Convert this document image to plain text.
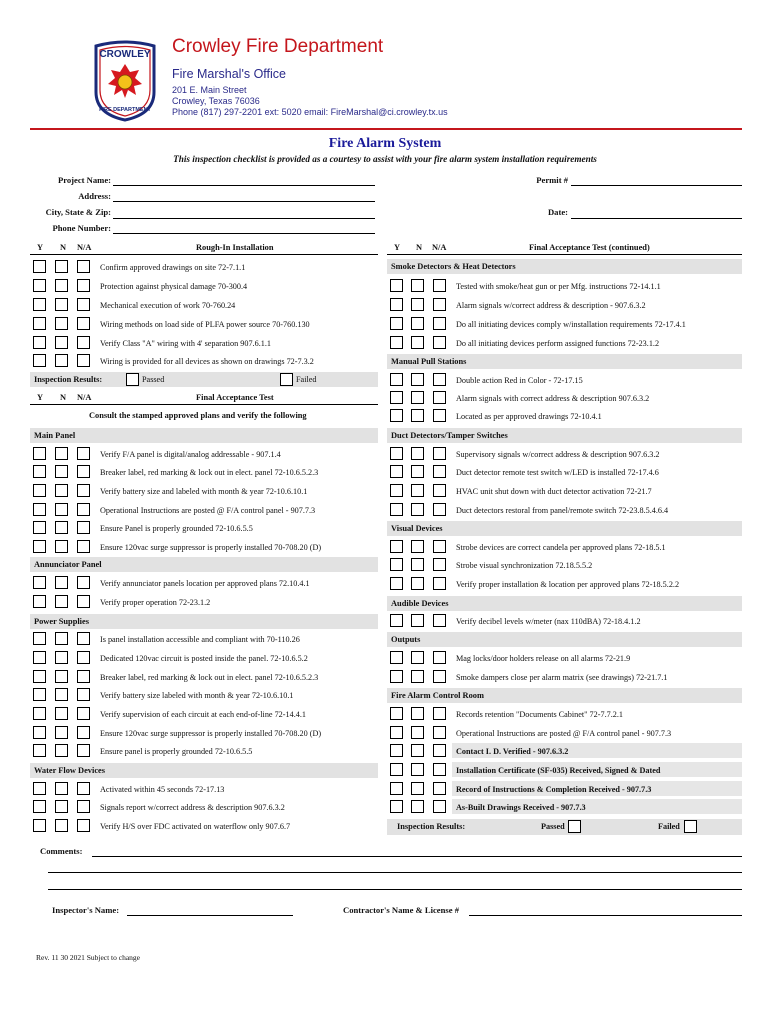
CROWLEY
FIRE DEPARTMENT
Crowley Fire Department
Fire Marshal's Office
201 E. Main Street
Crowley, Texas 76036
Phone (817) 297-2201 ext: 5020 email: FireMarshal@ci.crowley.tx.us
Fire Alarm System
This inspection checklist is provided as a courtesy to assist with your fire alarm system installation requirements
Project Name:	Permit #
Address:
City, State & Zip:	Date:
Phone Number:
Y N N/A	Rough-In Installation
Confirm approved drawings on site 72-7.1.1
Protection against physical damage 70-300.4
Mechanical execution of work 70-760.24
Wiring methods on load side of PLFA power source 70-760.130
Verify Class "A" wiring with 4' separation 907.6.1.1
Wiring is provided for all devices as shown on drawings 72-7.3.2
Inspection Results:	Passed	Failed
Y N N/A	Final Acceptance Test
Consult the stamped approved plans and verify the following
Main Panel
Verify F/A panel is digital/analog addressable - 907.1.4
Breaker label, red marking & lock out in elect. panel 72-10.6.5.2.3
Verify battery size and labeled with month & year 72-10.6.10.1
Operational Instructions are posted @ F/A control panel - 907.7.3
Ensure Panel is properly grounded 72-10.6.5.5
Ensure 120vac surge suppressor is properly installed 70-708.20 (D)
Annunciator Panel
Verify annunciator panels location per approved plans 72.10.4.1
Verify proper operation 72-23.1.2
Power Supplies
Is panel installation accessible and compliant with 70-110.26
Dedicated 120vac circuit is posted inside the panel. 72-10.6.5.2
Breaker label, red marking & lock out in elect. panel 72-10.6.5.2.3
Verify battery size labeled with month & year 72-10.6.10.1
Verify supervision of each circuit at each end-of-line 72-14.4.1
Ensure 120vac surge suppressor is properly installed 70-708.20 (D)
Ensure panel is properly grounded 72-10.6.5.5
Water Flow Devices
Activated within 45 seconds 72-17.13
Signals report w/correct address & description 907.6.3.2
Verify H/S over FDC activated on waterflow only 907.6.7
Y N N/A	Final Acceptance Test (continued)
Smoke Detectors & Heat Detectors
Tested with smoke/heat gun or per Mfg. instructions 72-14.1.1
Alarm signals w/correct address & description - 907.6.3.2
Do all initiating devices comply w/installation requirements 72-17.4.1
Do all initiating devices perform assigned functions 72-23.1.2
Manual Pull Stations
Double action Red in Color - 72-17.15
Alarm signals with correct address & description 907.6.3.2
Located as per approved drawings 72-10.4.1
Duct Detectors/Tamper Switches
Supervisory signals w/correct address & description 907.6.3.2
Duct detector remote test switch w/LED is installed 72-17.4.6
HVAC unit shut down with duct detector activation 72-21.7
Duct detectors restoral from panel/remote switch 72-23.8.5.4.6.4
Visual Devices
Strobe devices are correct candela per approved plans 72-18.5.1
Strobe visual synchronization 72.18.5.5.2
Verify proper installation & location per approved plans 72-18.5.2.2
Audible Devices
Verify decibel levels w/meter (nax 110dBA) 72-18.4.1.2
Outputs
Mag locks/door holders release on all alarms 72-21.9
Smoke dampers close per alarm matrix (see drawings) 72-21.7.1
Fire Alarm Control Room
Records retention "Documents Cabinet" 72-7.7.2.1
Operational Instructions are posted @ F/A control panel - 907.7.3
Contact I. D. Verified - 907.6.3.2
Installation Certificate (SF-035) Received, Signed & Dated
Record of Instructions & Completion Received - 907.7.3
As-Built Drawings Received - 907.7.3
Inspection Results:	Passed	Failed
Comments:
Inspector's Name:	Contractor's Name & License #
Rev. 11 30 2021 Subject to change
